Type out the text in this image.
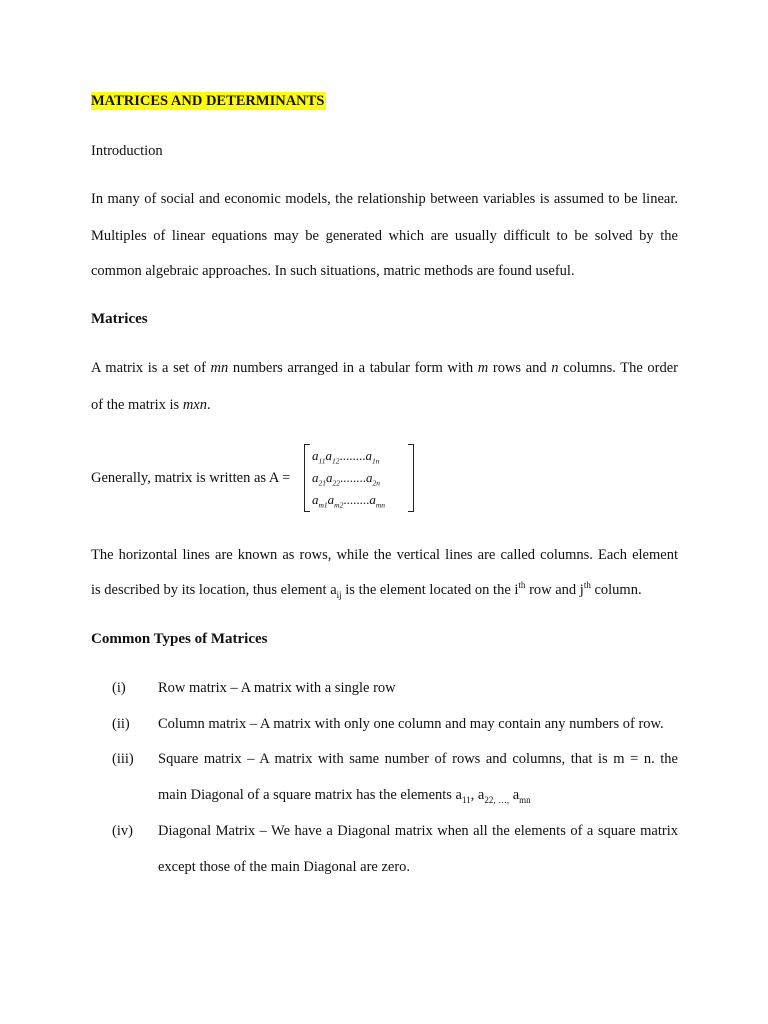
MATRICES AND DETERMINANTS
Introduction
In many of social and economic models, the relationship between variables is assumed to be linear.
Multiples of linear equations may be generated which are usually difficult to be solved by the
common algebraic approaches. In such situations, matric methods are found useful.
Matrices
A matrix is a set of mn numbers arranged in a tabular form with m rows and n columns. The order
of the matrix is mxn.
Generally, matrix is written as A =
$a_{11}a_{12}........a_{1n}$
$a_{21}a_{22}........a_{2n}$
$a_{m1}a_{m2}........a_{mn}$
The horizontal lines are known as rows, while the vertical lines are called columns. Each element
is described by its location, thus element $a_{ij}$ is the element located on the $i^{th}$ row and $j^{th}$ column.
Common Types of Matrices
(i) Row matrix – A matrix with a single row
(ii) Column matrix – A matrix with only one column and may contain any numbers of row.
(iii) Square matrix – A matrix with same number of rows and columns, that is m = n. the
main Diagonal of a square matrix has the elements $a_{11}$, $a_{22, \dots,}$ $a_{mn}$
(iv) Diagonal Matrix – We have a Diagonal matrix when all the elements of a square matrix
except those of the main Diagonal are zero.
